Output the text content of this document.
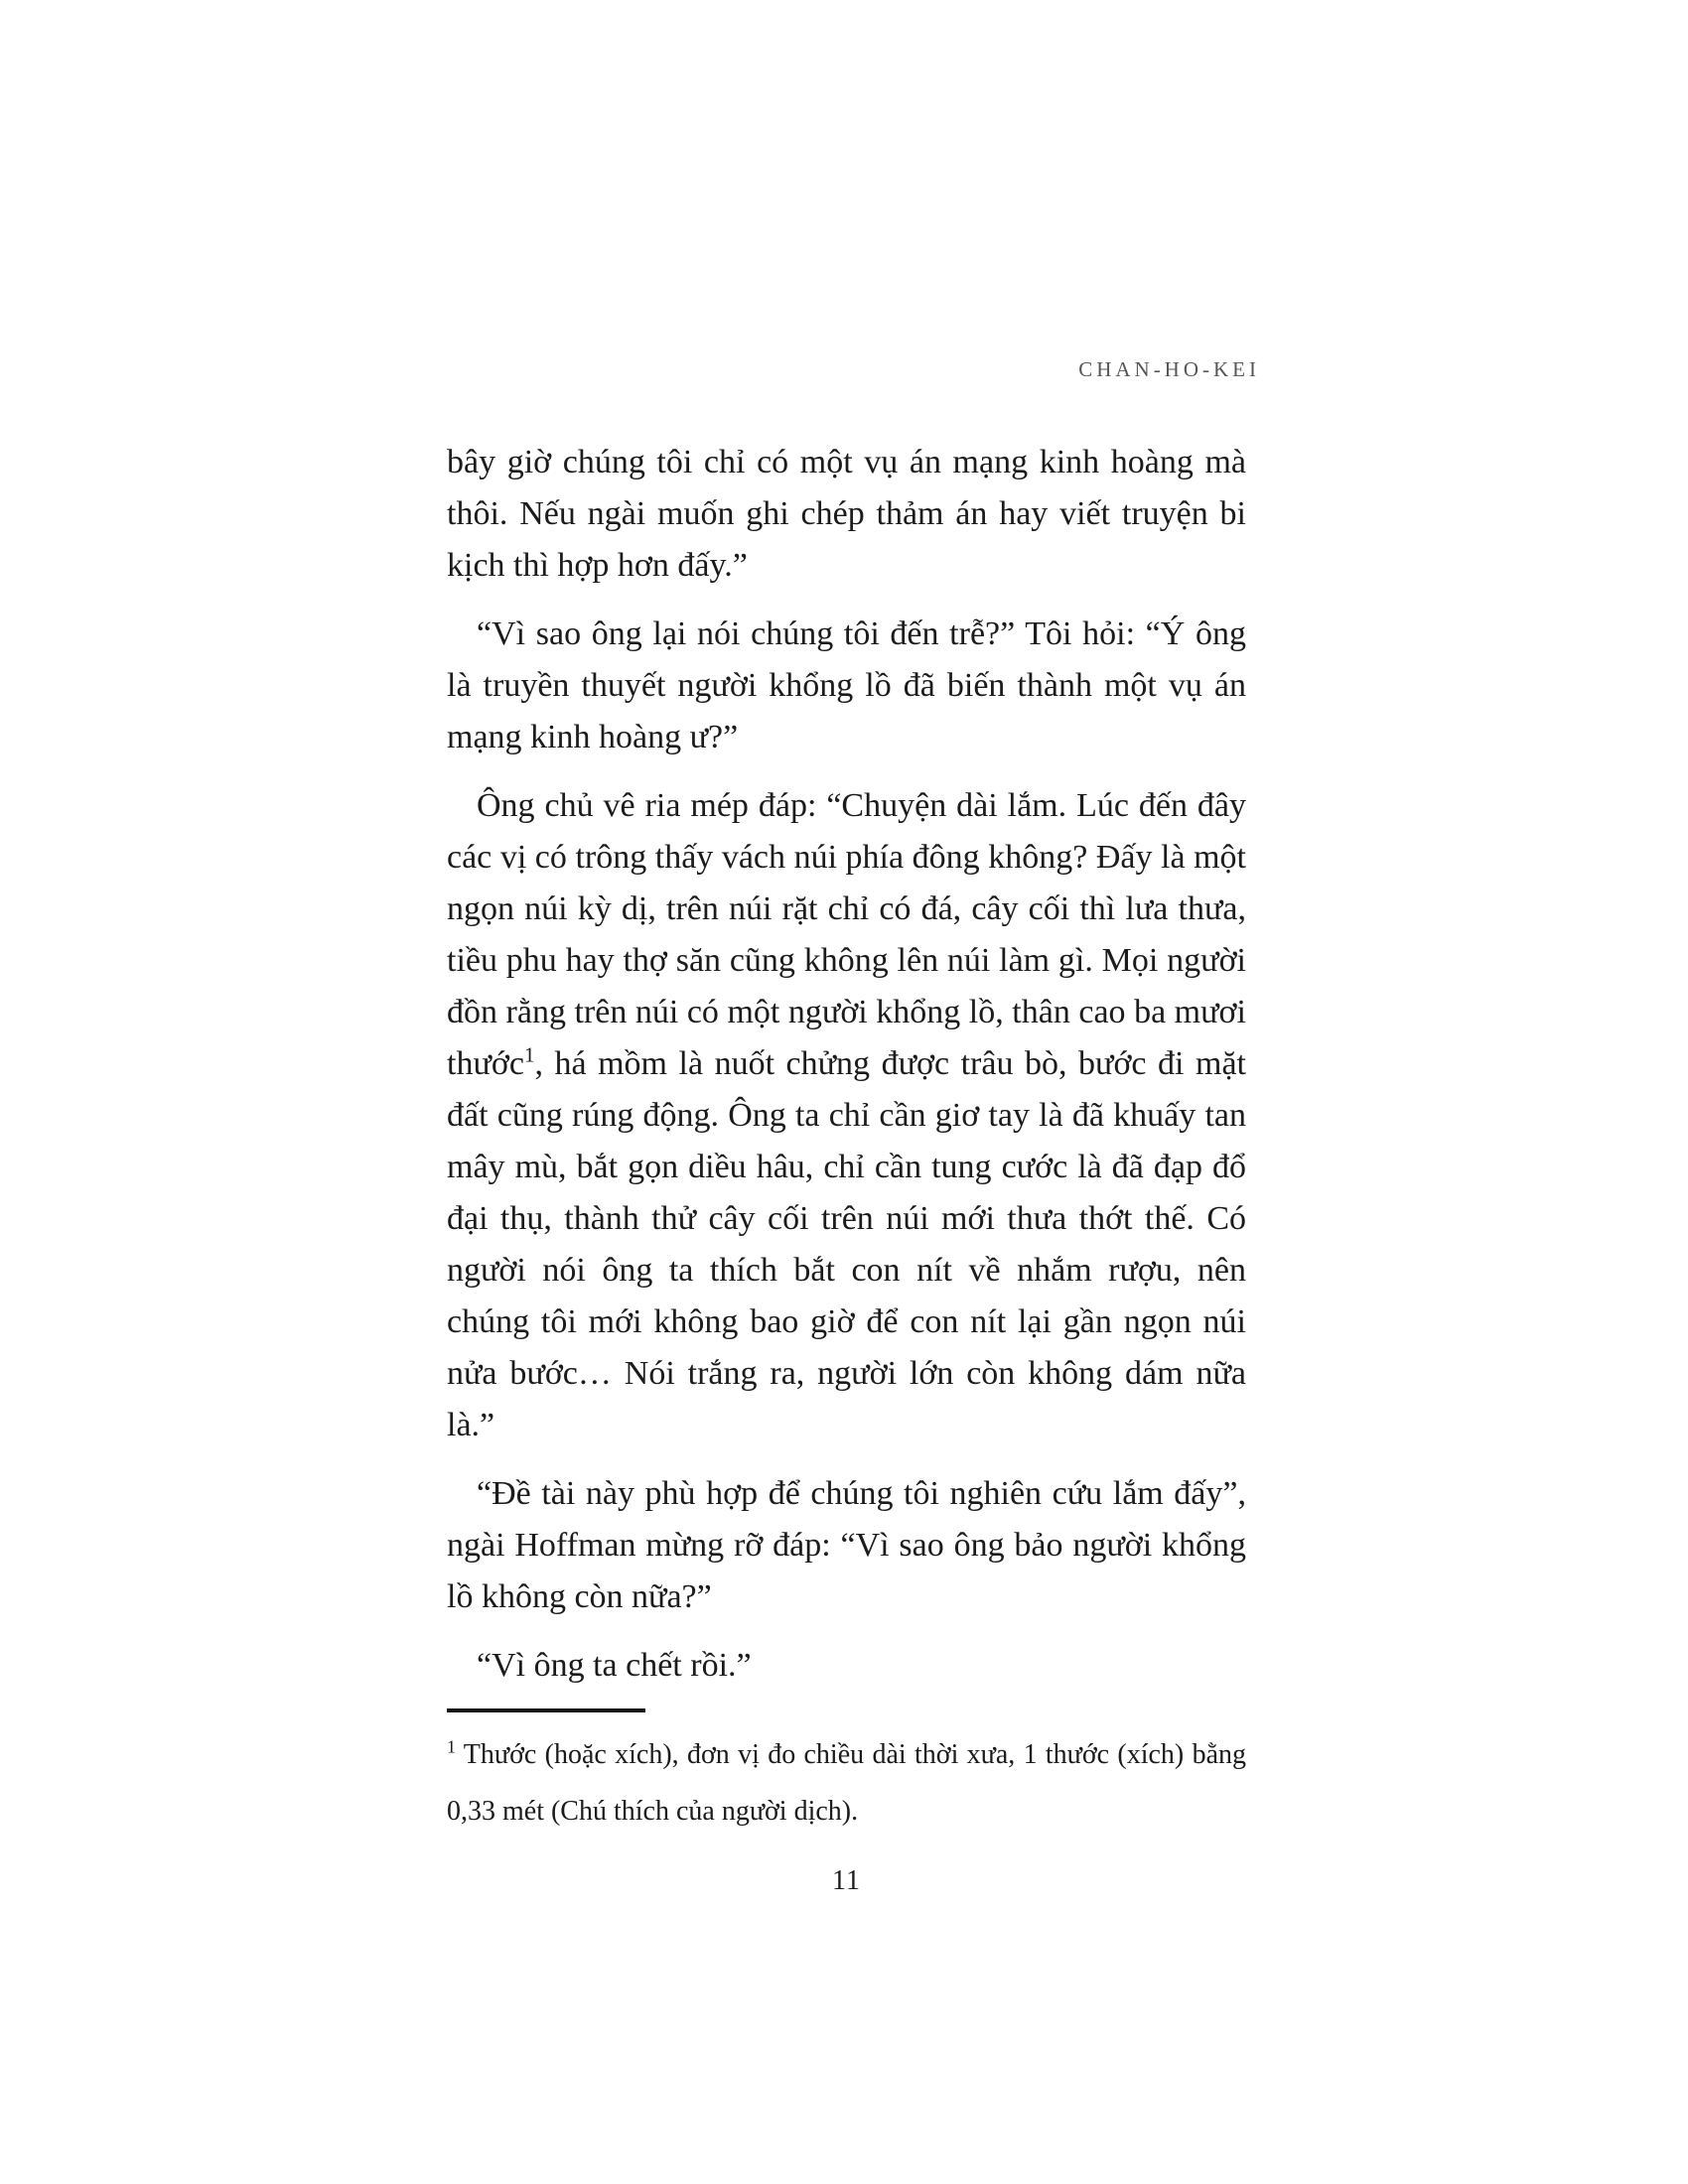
CHAN-HO-KEI

bây giờ chúng tôi chỉ có một vụ án mạng kinh hoàng mà thôi. Nếu ngài muốn ghi chép thảm án hay viết truyện bi kịch thì hợp hơn đấy.”

“Vì sao ông lại nói chúng tôi đến trễ?” Tôi hỏi: “Ý ông là truyền thuyết người khổng lồ đã biến thành một vụ án mạng kinh hoàng ư?”

Ông chủ vê ria mép đáp: “Chuyện dài lắm. Lúc đến đây các vị có trông thấy vách núi phía đông không? Đấy là một ngọn núi kỳ dị, trên núi rặt chỉ có đá, cây cối thì lưa thưa, tiều phu hay thợ săn cũng không lên núi làm gì. Mọi người đồn rằng trên núi có một người khổng lồ, thân cao ba mươi thước$^1$, há mồm là nuốt chửng được trâu bò, bước đi mặt đất cũng rúng động. Ông ta chỉ cần giơ tay là đã khuấy tan mây mù, bắt gọn diều hâu, chỉ cần tung cước là đã đạp đổ đại thụ, thành thử cây cối trên núi mới thưa thớt thế. Có người nói ông ta thích bắt con nít về nhắm rượu, nên chúng tôi mới không bao giờ để con nít lại gần ngọn núi nửa bước… Nói trắng ra, người lớn còn không dám nữa là.”

“Đề tài này phù hợp để chúng tôi nghiên cứu lắm đấy”, ngài Hoffman mừng rỡ đáp: “Vì sao ông bảo người khổng lồ không còn nữa?”

“Vì ông ta chết rồi.”

$^1$ Thước (hoặc xích), đơn vị đo chiều dài thời xưa, 1 thước (xích) bằng 0,33 mét (Chú thích của người dịch).
11
